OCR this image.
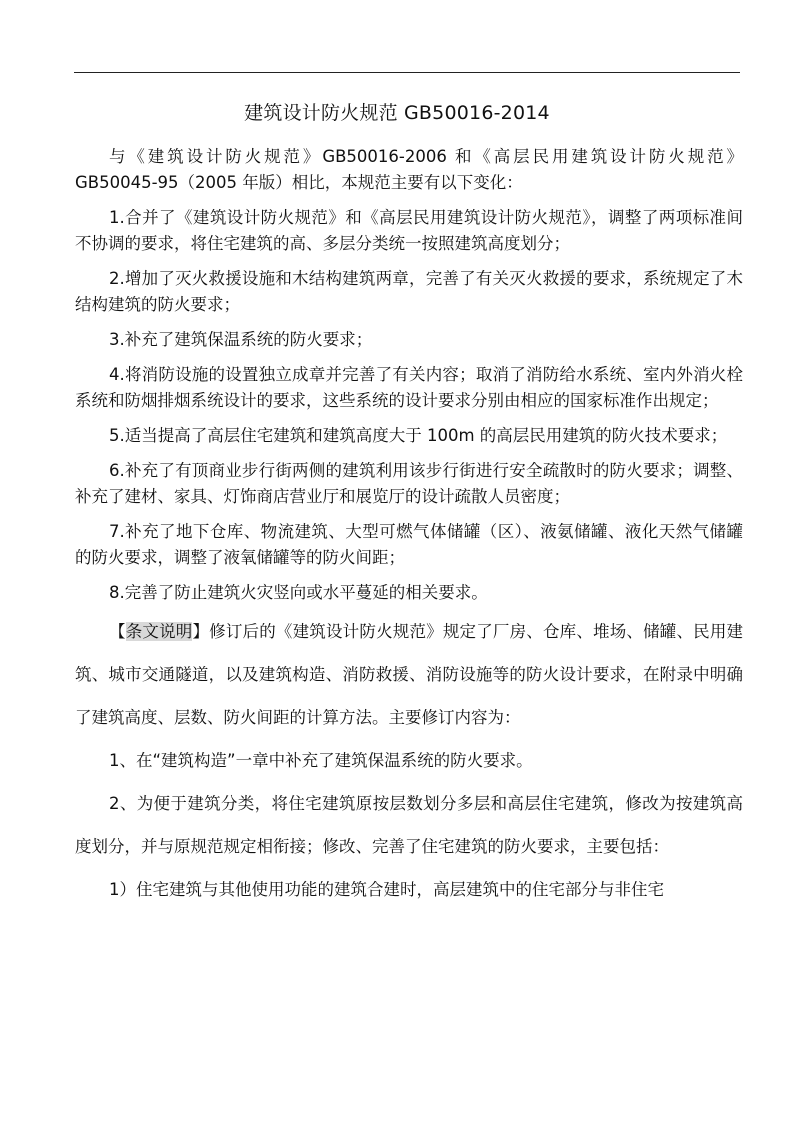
建筑设计防火规范 GB50016-2014

与《建筑设计防火规范》GB50016-2006 和《高层民用建筑设计防火规范》GB50045-95（2005 年版）相比，本规范主要有以下变化：

1.合并了《建筑设计防火规范》和《高层民用建筑设计防火规范》，调整了两项标准间不协调的要求，将住宅建筑的高、多层分类统一按照建筑高度划分；

2.增加了灭火救援设施和木结构建筑两章，完善了有关灭火救援的要求，系统规定了木结构建筑的防火要求；

3.补充了建筑保温系统的防火要求；

4.将消防设施的设置独立成章并完善了有关内容；取消了消防给水系统、室内外消火栓系统和防烟排烟系统设计的要求，这些系统的设计要求分别由相应的国家标准作出规定；

5.适当提高了高层住宅建筑和建筑高度大于 100m 的高层民用建筑的防火技术要求；

6.补充了有顶商业步行街两侧的建筑利用该步行街进行安全疏散时的防火要求；调整、补充了建材、家具、灯饰商店营业厅和展览厅的设计疏散人员密度；

7.补充了地下仓库、物流建筑、大型可燃气体储罐（区）、液氨储罐、液化天然气储罐的防火要求，调整了液氧储罐等的防火间距；

8.完善了防止建筑火灾竖向或水平蔓延的相关要求。

【条文说明】修订后的《建筑设计防火规范》规定了厂房、仓库、堆场、储罐、民用建筑、城市交通隧道，以及建筑构造、消防救援、消防设施等的防火设计要求，在附录中明确了建筑高度、层数、防火间距的计算方法。主要修订内容为：

1、在“建筑构造”一章中补充了建筑保温系统的防火要求。

2、为便于建筑分类，将住宅建筑原按层数划分多层和高层住宅建筑，修改为按建筑高度划分，并与原规范规定相衔接；修改、完善了住宅建筑的防火要求，主要包括：

1）住宅建筑与其他使用功能的建筑合建时，高层建筑中的住宅部分与非住宅
